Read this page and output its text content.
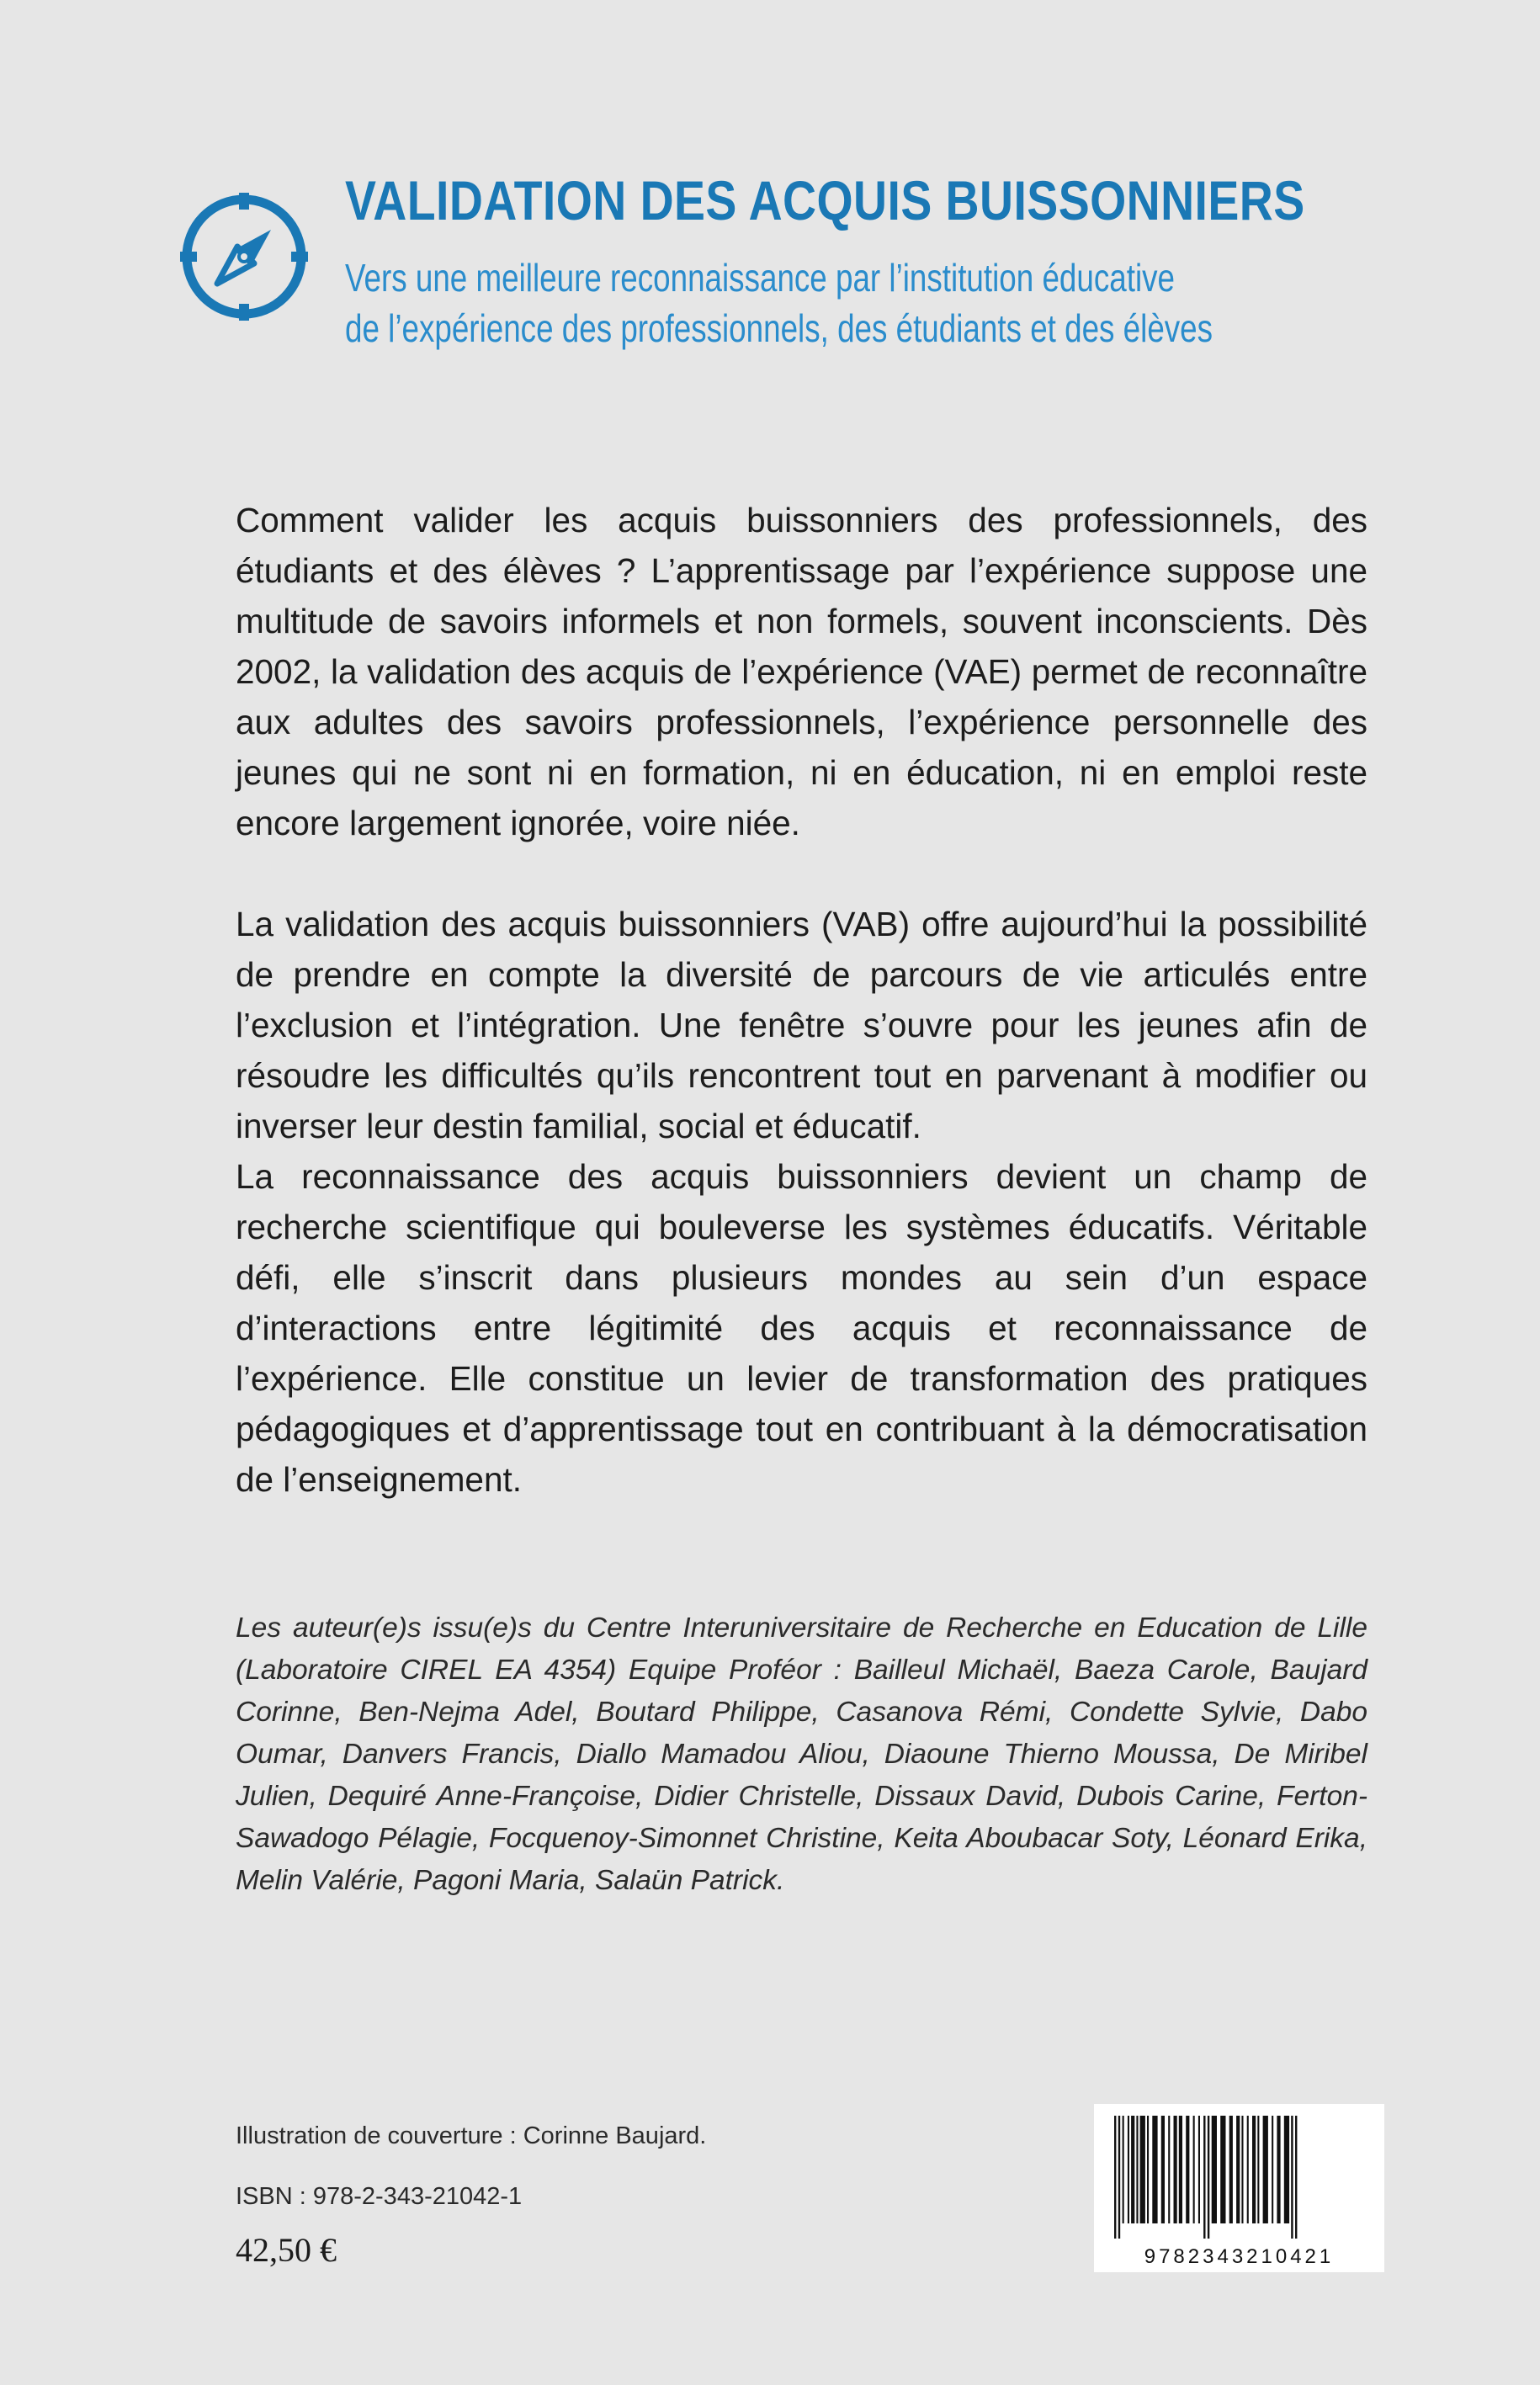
VALIDATION DES ACQUIS BUISSONNIERS
Vers une meilleure reconnaissance par l’institution éducative
de l’expérience des professionnels, des étudiants et des élèves

Comment valider les acquis buissonniers des professionnels, des étudiants et des élèves ? L’apprentissage par l’expérience suppose une multitude de savoirs informels et non formels, souvent inconscients. Dès 2002, la validation des acquis de l’expérience (VAE) permet de reconnaître aux adultes des savoirs professionnels, l’expérience personnelle des jeunes qui ne sont ni en formation, ni en éducation, ni en emploi reste encore largement ignorée, voire niée.

La validation des acquis buissonniers (VAB) offre aujourd’hui la possibilité de prendre en compte la diversité de parcours de vie articulés entre l’exclusion et l’intégration. Une fenêtre s’ouvre pour les jeunes afin de résoudre les difficultés qu’ils rencontrent tout en parvenant à modifier ou inverser leur destin familial, social et éducatif.

La reconnaissance des acquis buissonniers devient un champ de recherche scientifique qui bouleverse les systèmes éducatifs. Véritable défi, elle s’inscrit dans plusieurs mondes au sein d’un espace d’interactions entre légitimité des acquis et reconnaissance de l’expérience. Elle constitue un levier de transformation des pratiques pédagogiques et d’apprentissage tout en contribuant à la démocratisation de l’enseignement.

Les auteur(e)s issu(e)s du Centre Interuniversitaire de Recherche en Education de Lille (Laboratoire CIREL EA 4354) Equipe Proféor : Bailleul Michaël, Baeza Carole, Baujard Corinne, Ben-Nejma Adel, Boutard Philippe, Casanova Rémi, Condette Sylvie, Dabo Oumar, Danvers Francis, Diallo Mamadou Aliou, Diaoune Thierno Moussa, De Miribel Julien, Dequiré Anne-Françoise, Didier Christelle, Dissaux David, Dubois Carine, Ferton-Sawadogo Pélagie, Focquenoy-Simonnet Christine, Keita Aboubacar Soty, Léonard Erika, Melin Valérie, Pagoni Maria, Salaün Patrick.

Illustration de couverture : Corinne Baujard.

ISBN : 978-2-343-21042-1

42,50 €	9782343210421
